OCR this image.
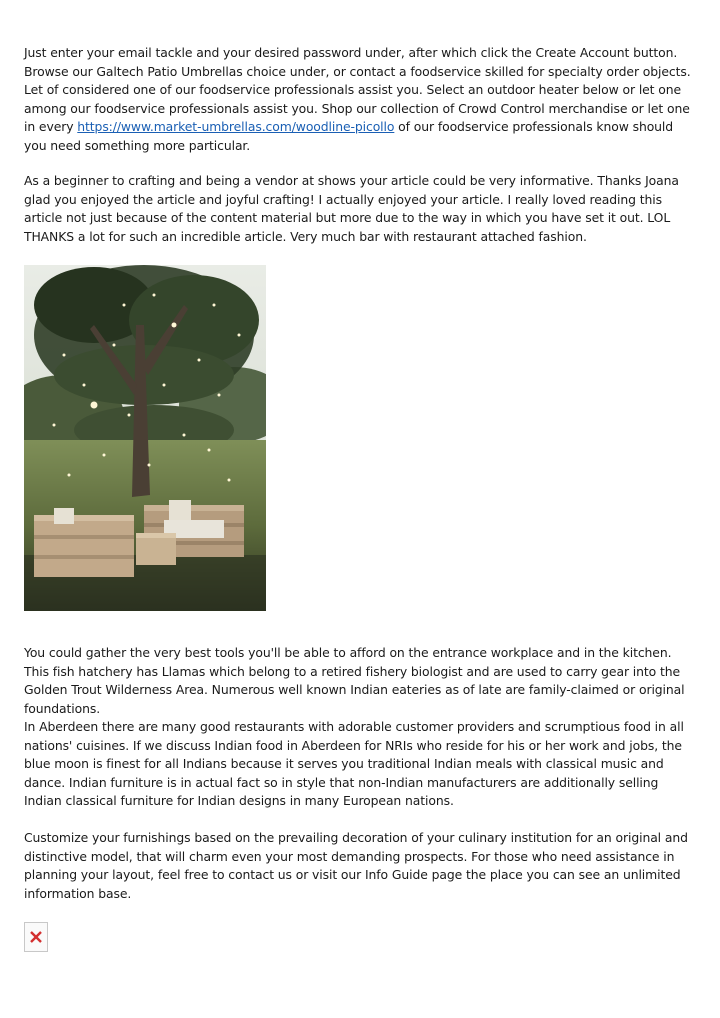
Just enter your email tackle and your desired password under, after which click the Create Account button. Browse our Galtech Patio Umbrellas choice under, or contact a foodservice skilled for specialty order objects. Let of considered one of our foodservice professionals assist you. Select an outdoor heater below or let one among our foodservice professionals assist you. Shop our collection of Crowd Control merchandise or let one in every https://www.market-umbrellas.com/woodline-picollo of our foodservice professionals know should you need something more particular.

As a beginner to crafting and being a vendor at shows your article could be very informative. Thanks Joana glad you enjoyed the article and joyful crafting! I actually enjoyed your article. I really loved reading this article not just because of the content material but more due to the way in which you have set it out. LOL THANKS a lot for such an incredible article. Very much bar with restaurant attached fashion.

You could gather the very best tools you'll be able to afford on the entrance workplace and in the kitchen. This fish hatchery has Llamas which belong to a retired fishery biologist and are used to carry gear into the Golden Trout Wilderness Area. Numerous well known Indian eateries as of late are family-claimed or original foundations.

In Aberdeen there are many good restaurants with adorable customer providers and scrumptious food in all nations' cuisines. If we discuss Indian food in Aberdeen for NRIs who reside for his or her work and jobs, the blue moon is finest for all Indians because it serves you traditional Indian meals with classical music and dance. Indian furniture is in actual fact so in style that non-Indian manufacturers are additionally selling Indian classical furniture for Indian designs in many European nations.

Customize your furnishings based on the prevailing decoration of your culinary institution for an original and distinctive model, that will charm even your most demanding prospects. For those who need assistance in planning your layout, feel free to contact us or visit our Info Guide page the place you can see an unlimited information base.
